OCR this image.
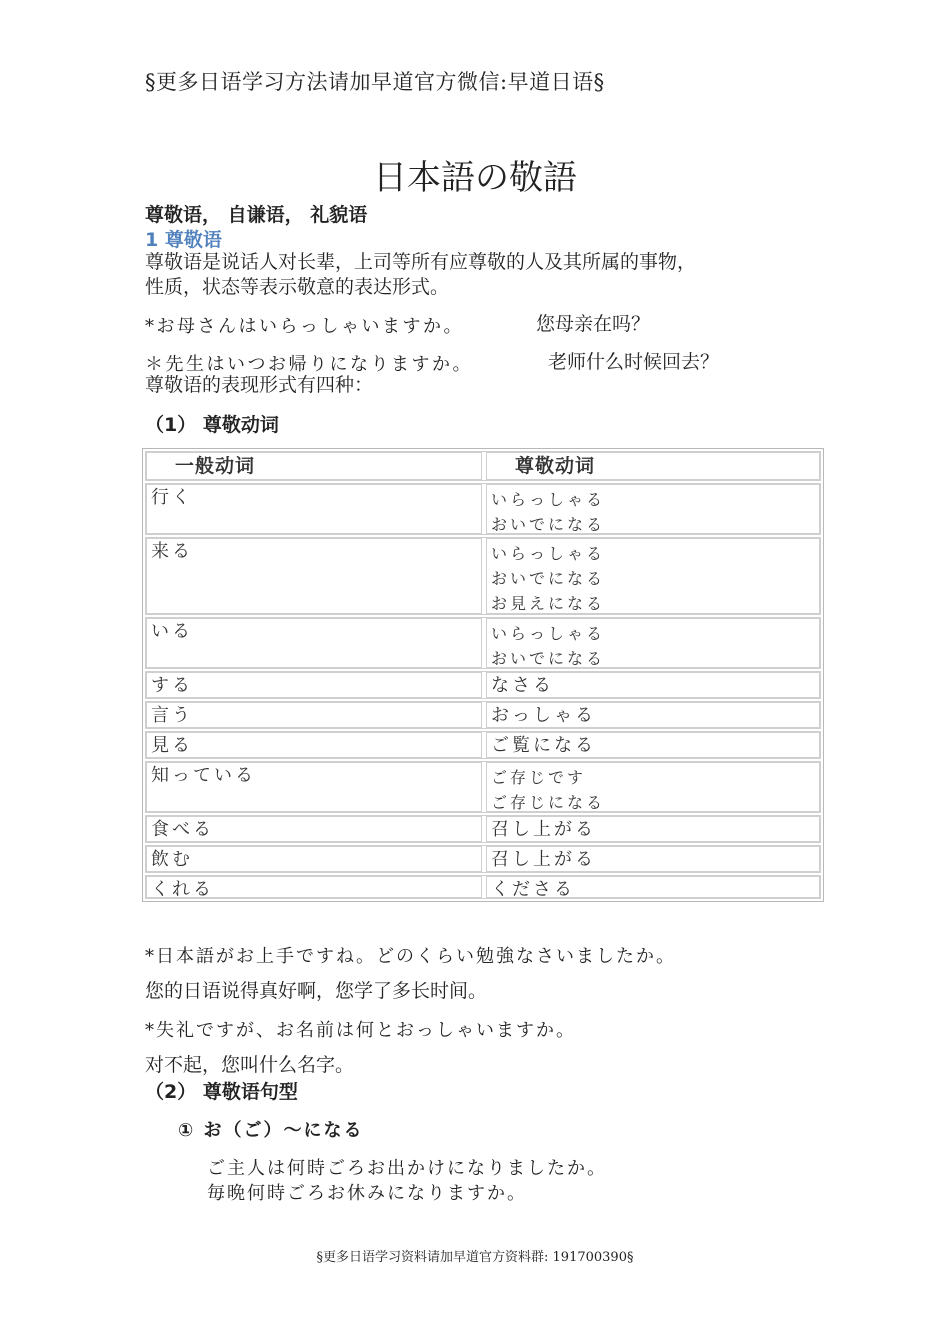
§更多日语学习方法请加早道官方微信:早道日语§
日本語の敬語
尊敬语， 自谦语， 礼貌语
1 尊敬语
尊敬语是说话人对长辈，上司等所有应尊敬的人及其所属的事物，
性质，状态等表示敬意的表达形式。
*お母さんはいらっしゃいますか。	您母亲在吗？
＊先生はいつお帰りになりますか。	老师什么时候回去？
尊敬语的表现形式有四种：
（1） 尊敬动词
一般动词	尊敬动词
行く	いらっしゃる
おいでになる
来る	いらっしゃる
おいでになる
お見えになる
いる	いらっしゃる
おいでになる
する	なさる
言う	おっしゃる
見る	ご覧になる
知っている	ご存じです
ご存じになる
食べる	召し上がる
飲む	召し上がる
くれる	くださる
*日本語がお上手ですね。どのくらい勉強なさいましたか。
您的日语说得真好啊，您学了多长时间。
*失礼ですが、お名前は何とおっしゃいますか。
对不起，您叫什么名字。
（2） 尊敬语句型
① お（ご）～になる
ご主人は何時ごろお出かけになりましたか。
毎晩何時ごろお休みになりますか。
§更多日语学习资料请加早道官方资料群: 191700390§
